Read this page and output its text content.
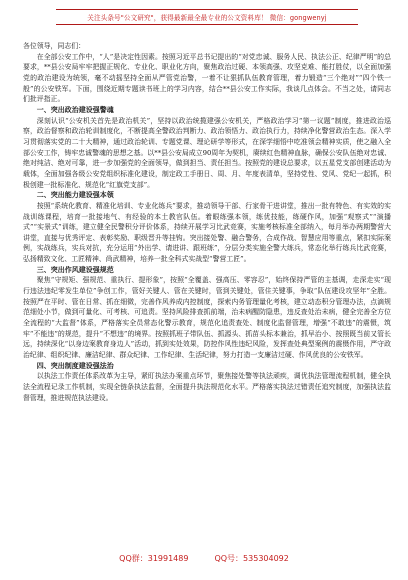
关注头条号"公文研究"，获得最新最全最专业的公文资料库！ 微信：gongwenyj

各位领导，同志们：

在全部公安工作中，“人”是决定性因素。按照习近平总书记提出的“对党忠诚、服务人民、执法公正、纪律严明”的总要求，**县公安局牢牢把握正规化、专业化、职业化方向，聚焦政治过硬、本领高强、攻坚克难、能打胜仗，以全面加强党的政治建设为统领，毫不动摇坚持全面从严管党治警，一着不让狠抓队伍教育管理，着力锻造“三个绝对”“四个铁一般”的公安铁军。下面，围绕近期专题读书班上的学习内容，结合**县公安工作实际，我谈几点体会。不当之处，请同志们批评指正。

一、突出政治建设强警魂

深刻认识“公安机关首先是政治机关”，坚持以政治统揽建强公安机关，严格政治学习“第一议题”制度，推进政治巡察，政治督察和政治轮训制度化，不断提高全警政治判断力、政治领悟力、政治执行力，持续净化警营政治生态。深入学习贯彻落实党的二十大精神，通过政治轮训、专题党课、理论研学等形式，在深学细悟中吃准领会精神实质，使之融入全部公安工作，铸牢忠诚警魂的思想之基。以**县公安局成立90周年为契机，赓续红色精神血脉，确保公安队伍绝对忠诚、绝对纯洁、绝对可靠，进一步加强党的全面领导，做到担当、责任担当。按照党的建设总要求，以五星党支部创建活动为载体，全面加强各级公安党组织标准化建设，制定政工手册日、周、月、年度表清单，坚持党性、党风、党纪一起抓，积极创建一批标准化、规范化“红旗党支部”。

二、突出能力建设强本领

按照“系统化教育、精准化培训、专业化练兵”要求，推动领导干部、行家骨干进讲堂，推出一批有特色、有实效的实战训练课程，培育一批接地气、有经验的本土教官队伍。着眼练强本领，练优技能，练硬作风，加强“观察式”“演播式”“实景式”训练，建立健全民警积分评价体系，持续开展学习比武竞赛，实施考核标准全部纳入，每月举办两期警营大讲堂，直接与优秀评定、表彰奖励、职级晋升等挂钩。突出接处警、融合警务，合成作战、智慧应用等重点，紧扣实际案例，实战练兵，实兵对抗，充分运用“外出学、请进讲、跟班练”，分层分类实施全警大练兵，常态化举行练兵比武竞赛，弘扬精致文化、工匠精神、尚武精神，培养一批全科式实战型“警营工匠”。

三、突出作风建设强规范

聚焦“守规矩、强规范、重执行、提形象”，按照“全覆盖、强高压、零容忍”，始终保持严管的主基调，走深走实“现行违法违纪零发生单位”争创工作，管好关键人、管在关键时，管到关键处，管住关键事，争取“队伍建设攻坚年”全胜。按照严在平时、管在日常、抓在细微，完善作风养成内控制度，探索内务管理量化考核，建立动态积分管理办法，点滴规范细处小节，做到可量化、可考核、可追责。坚持风险排查抓前端，治未病醒防隐患，违反查处治未病，健全完善全方位全流程的“大监督”体系，严格落实全员常态化警示教育，规范化追责查处、制度化监督管理，增强“不敢违”的震慑，筑牢“不能违”的规范，提升“不想违”的境界。按照抓班子带队伍、抓源头、抓苗头标本兼治，抓早治小、按照既当前又管长远，持续深化“以身边案教育身边人”活动，抓到实处效果，防控作风性违纪风险，发挥查处典型案例的震慑作用，严守政治纪律、组织纪律、廉洁纪律、群众纪律、工作纪律、生活纪律，努力打造一支廉洁过硬、作风优良的公安铁军。

四、突出制度建设强法治

以执法工作责任体系改革为主导，紧盯执法办案重点环节，聚焦接处警等执法顽疾，调优执法管理流程机制，健全执法全流程记录工作机制，实现全链条执法监督，全面提升执法规范化水平。严格落实执法过错责任追究制度，加强执法监督管理，推进规范执法建设。

QQ群：31991489	QQ号：535304092
